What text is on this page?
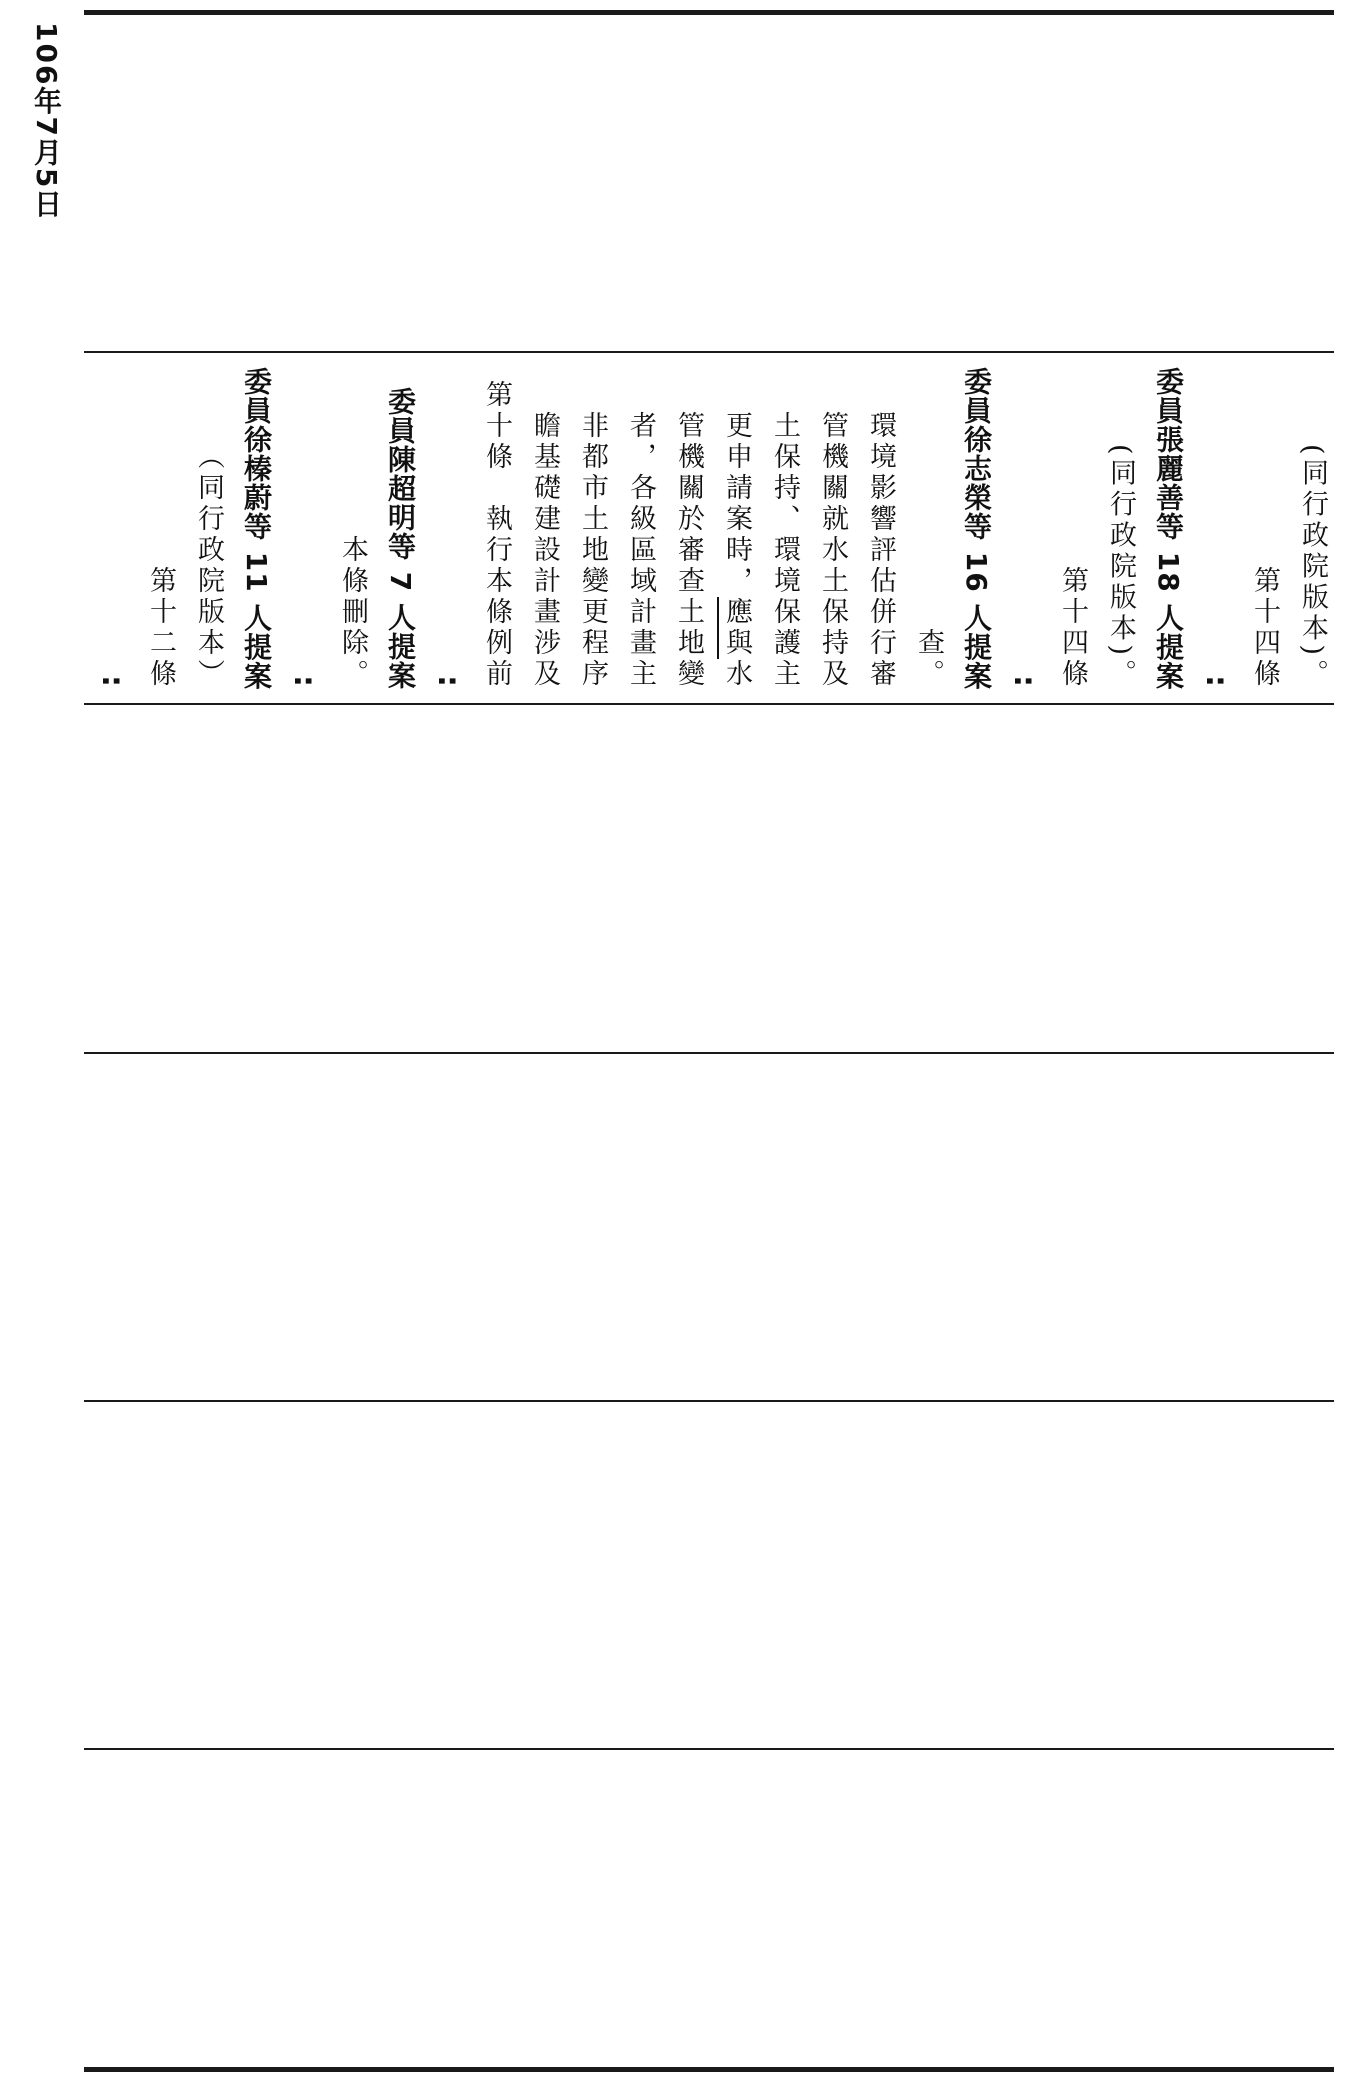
106年7月5日
: 第十二條 （同行政院版本） 委員徐榛蔚等 11 人提案 : 本條刪除。 委員陳超明等 7 人提案 : 第十條　執行本條例前 瞻基礎建設計畫涉及 非都市土地變更程序 者，各級區域計畫主 管機關於審查土地變 更申請案時，
應與
水 土保持、環境保護主 管機關就水土保持及 環境影響評估併行審 查。 委員徐志榮等 16 人提案 : 第十四條 (同行政院版本)。 委員張麗善等 18 人提案 : 第十四條 (同行政院版本)。
